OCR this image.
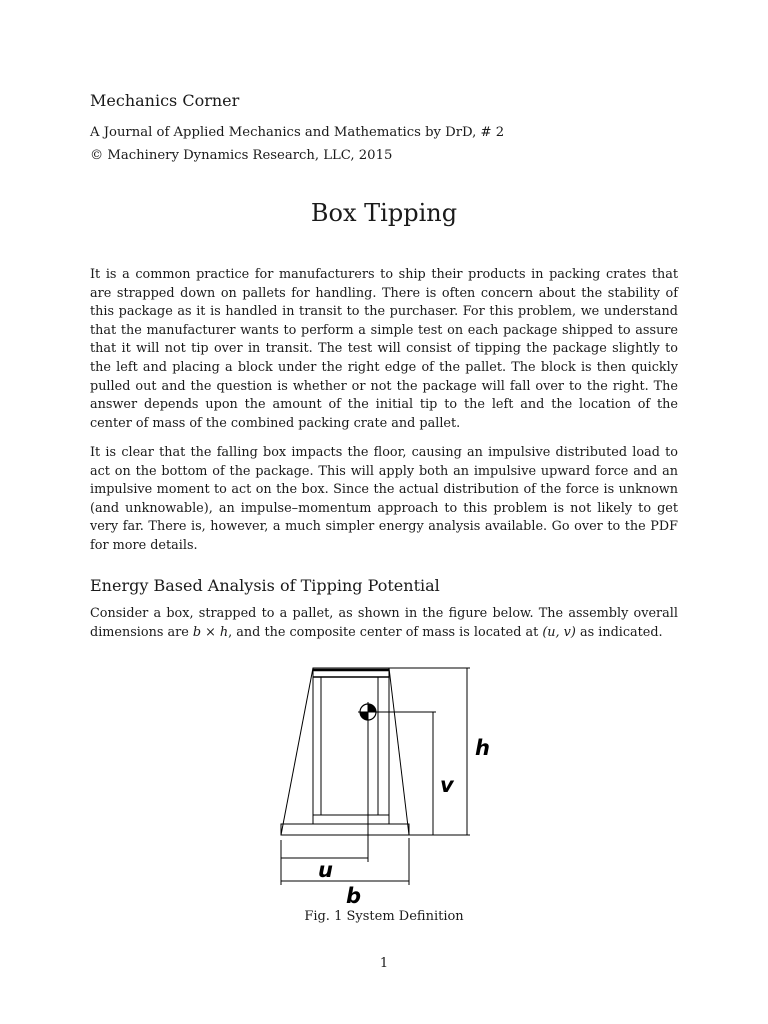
Mechanics Corner
A Journal of Applied Mechanics and Mathematics by DrD, # 2
© Machinery Dynamics Research, LLC, 2015
Box Tipping

It is a common practice for manufacturers to ship their products in packing crates that are strapped down on pallets for handling. There is often concern about the stability of this package as it is handled in transit to the purchaser. For this problem, we understand that the manufacturer wants to perform a simple test on each package shipped to assure that it will not tip over in transit. The test will consist of tipping the package slightly to the left and placing a block under the right edge of the pallet. The block is then quickly pulled out and the question is whether or not the package will fall over to the right. The answer depends upon the amount of the initial tip to the left and the location of the center of mass of the combined packing crate and pallet.

It is clear that the falling box impacts the floor, causing an impulsive distributed load to act on the bottom of the package. This will apply both an impulsive upward force and an impulsive moment to act on the box. Since the actual distribution of the force is unknown (and unknowable), an impulse–momentum approach to this problem is not likely to get very far. There is, however, a much simpler energy analysis available. Go over to the PDF for more details.

Energy Based Analysis of Tipping Potential

Consider a box, strapped to a pallet, as shown in the figure below. The assembly overall dimensions are b × h, and the composite center of mass is located at (u, v) as indicated.

h
v
u
b
Fig. 1 System Definition
1
